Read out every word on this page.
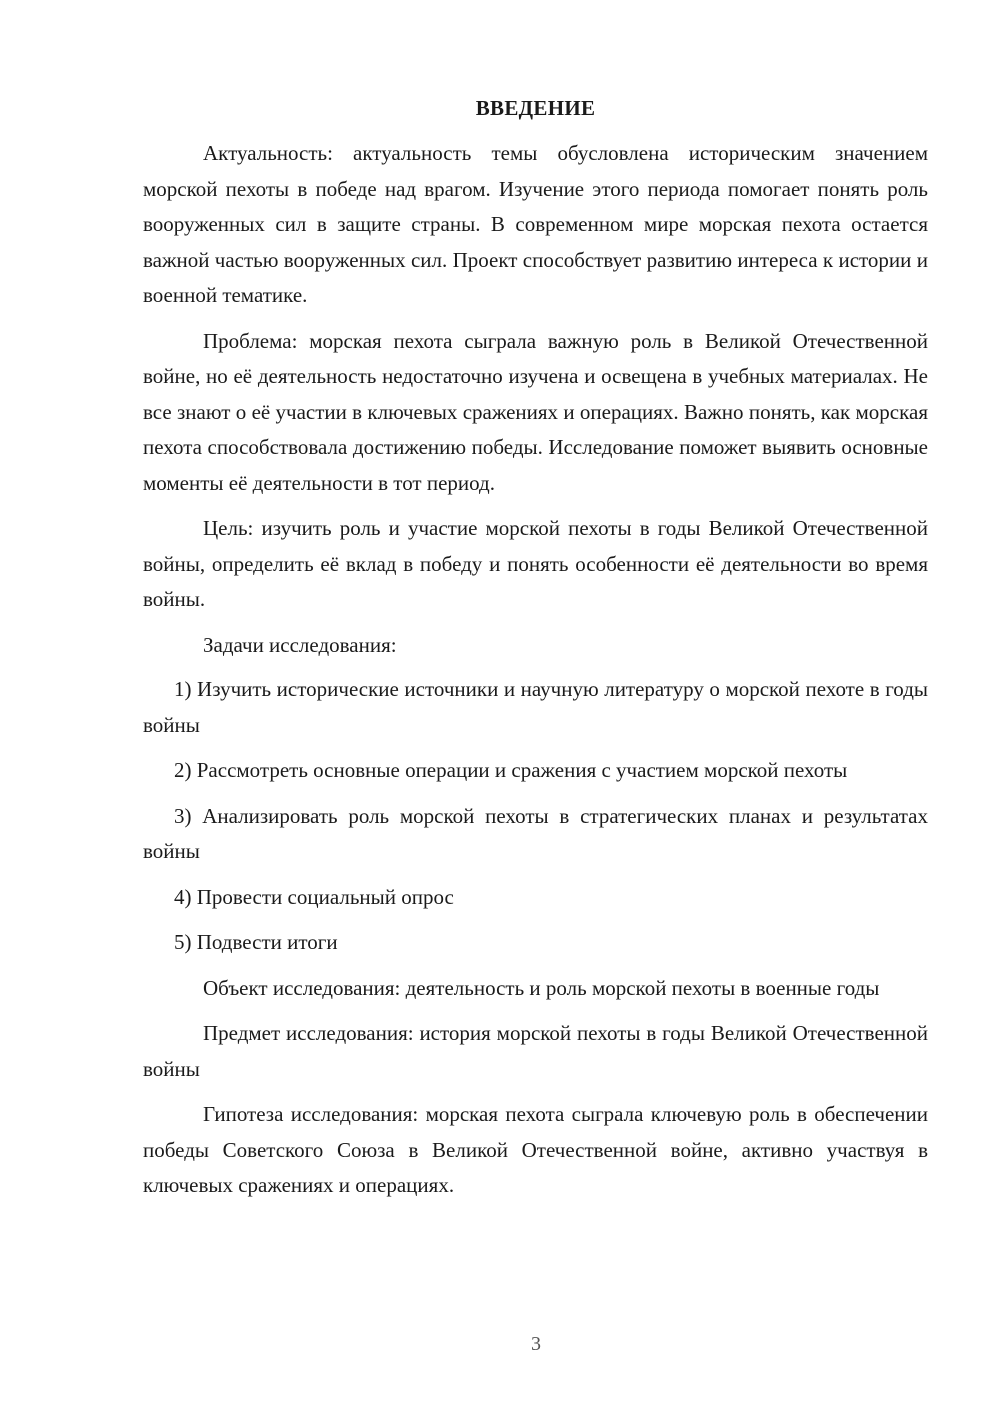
ВВЕДЕНИЕ

Актуальность: актуальность темы обусловлена историческим значением морской пехоты в победе над врагом. Изучение этого периода помогает понять роль вооруженных сил в защите страны. В современном мире морская пехота остается важной частью вооруженных сил. Проект способствует развитию интереса к истории и военной тематике.

Проблема: морская пехота сыграла важную роль в Великой Отечественной войне, но её деятельность недостаточно изучена и освещена в учебных материалах. Не все знают о её участии в ключевых сражениях и операциях. Важно понять, как морская пехота способствовала достижению победы. Исследование поможет выявить основные моменты её деятельности в тот период.

Цель: изучить роль и участие морской пехоты в годы Великой Отечественной войны, определить её вклад в победу и понять особенности её деятельности во время войны.

Задачи исследования:

1) Изучить исторические источники и научную литературу о морской пехоте в годы войны

2) Рассмотреть основные операции и сражения с участием морской пехоты

3) Анализировать роль морской пехоты в стратегических планах и результатах войны

4) Провести социальный опрос

5) Подвести итоги

Объект исследования: деятельность и роль морской пехоты в военные годы

Предмет исследования: история морской пехоты в годы Великой Отечественной войны

Гипотеза исследования: морская пехота сыграла ключевую роль в обеспечении победы Советского Союза в Великой Отечественной войне, активно участвуя в ключевых сражениях и операциях.

3
